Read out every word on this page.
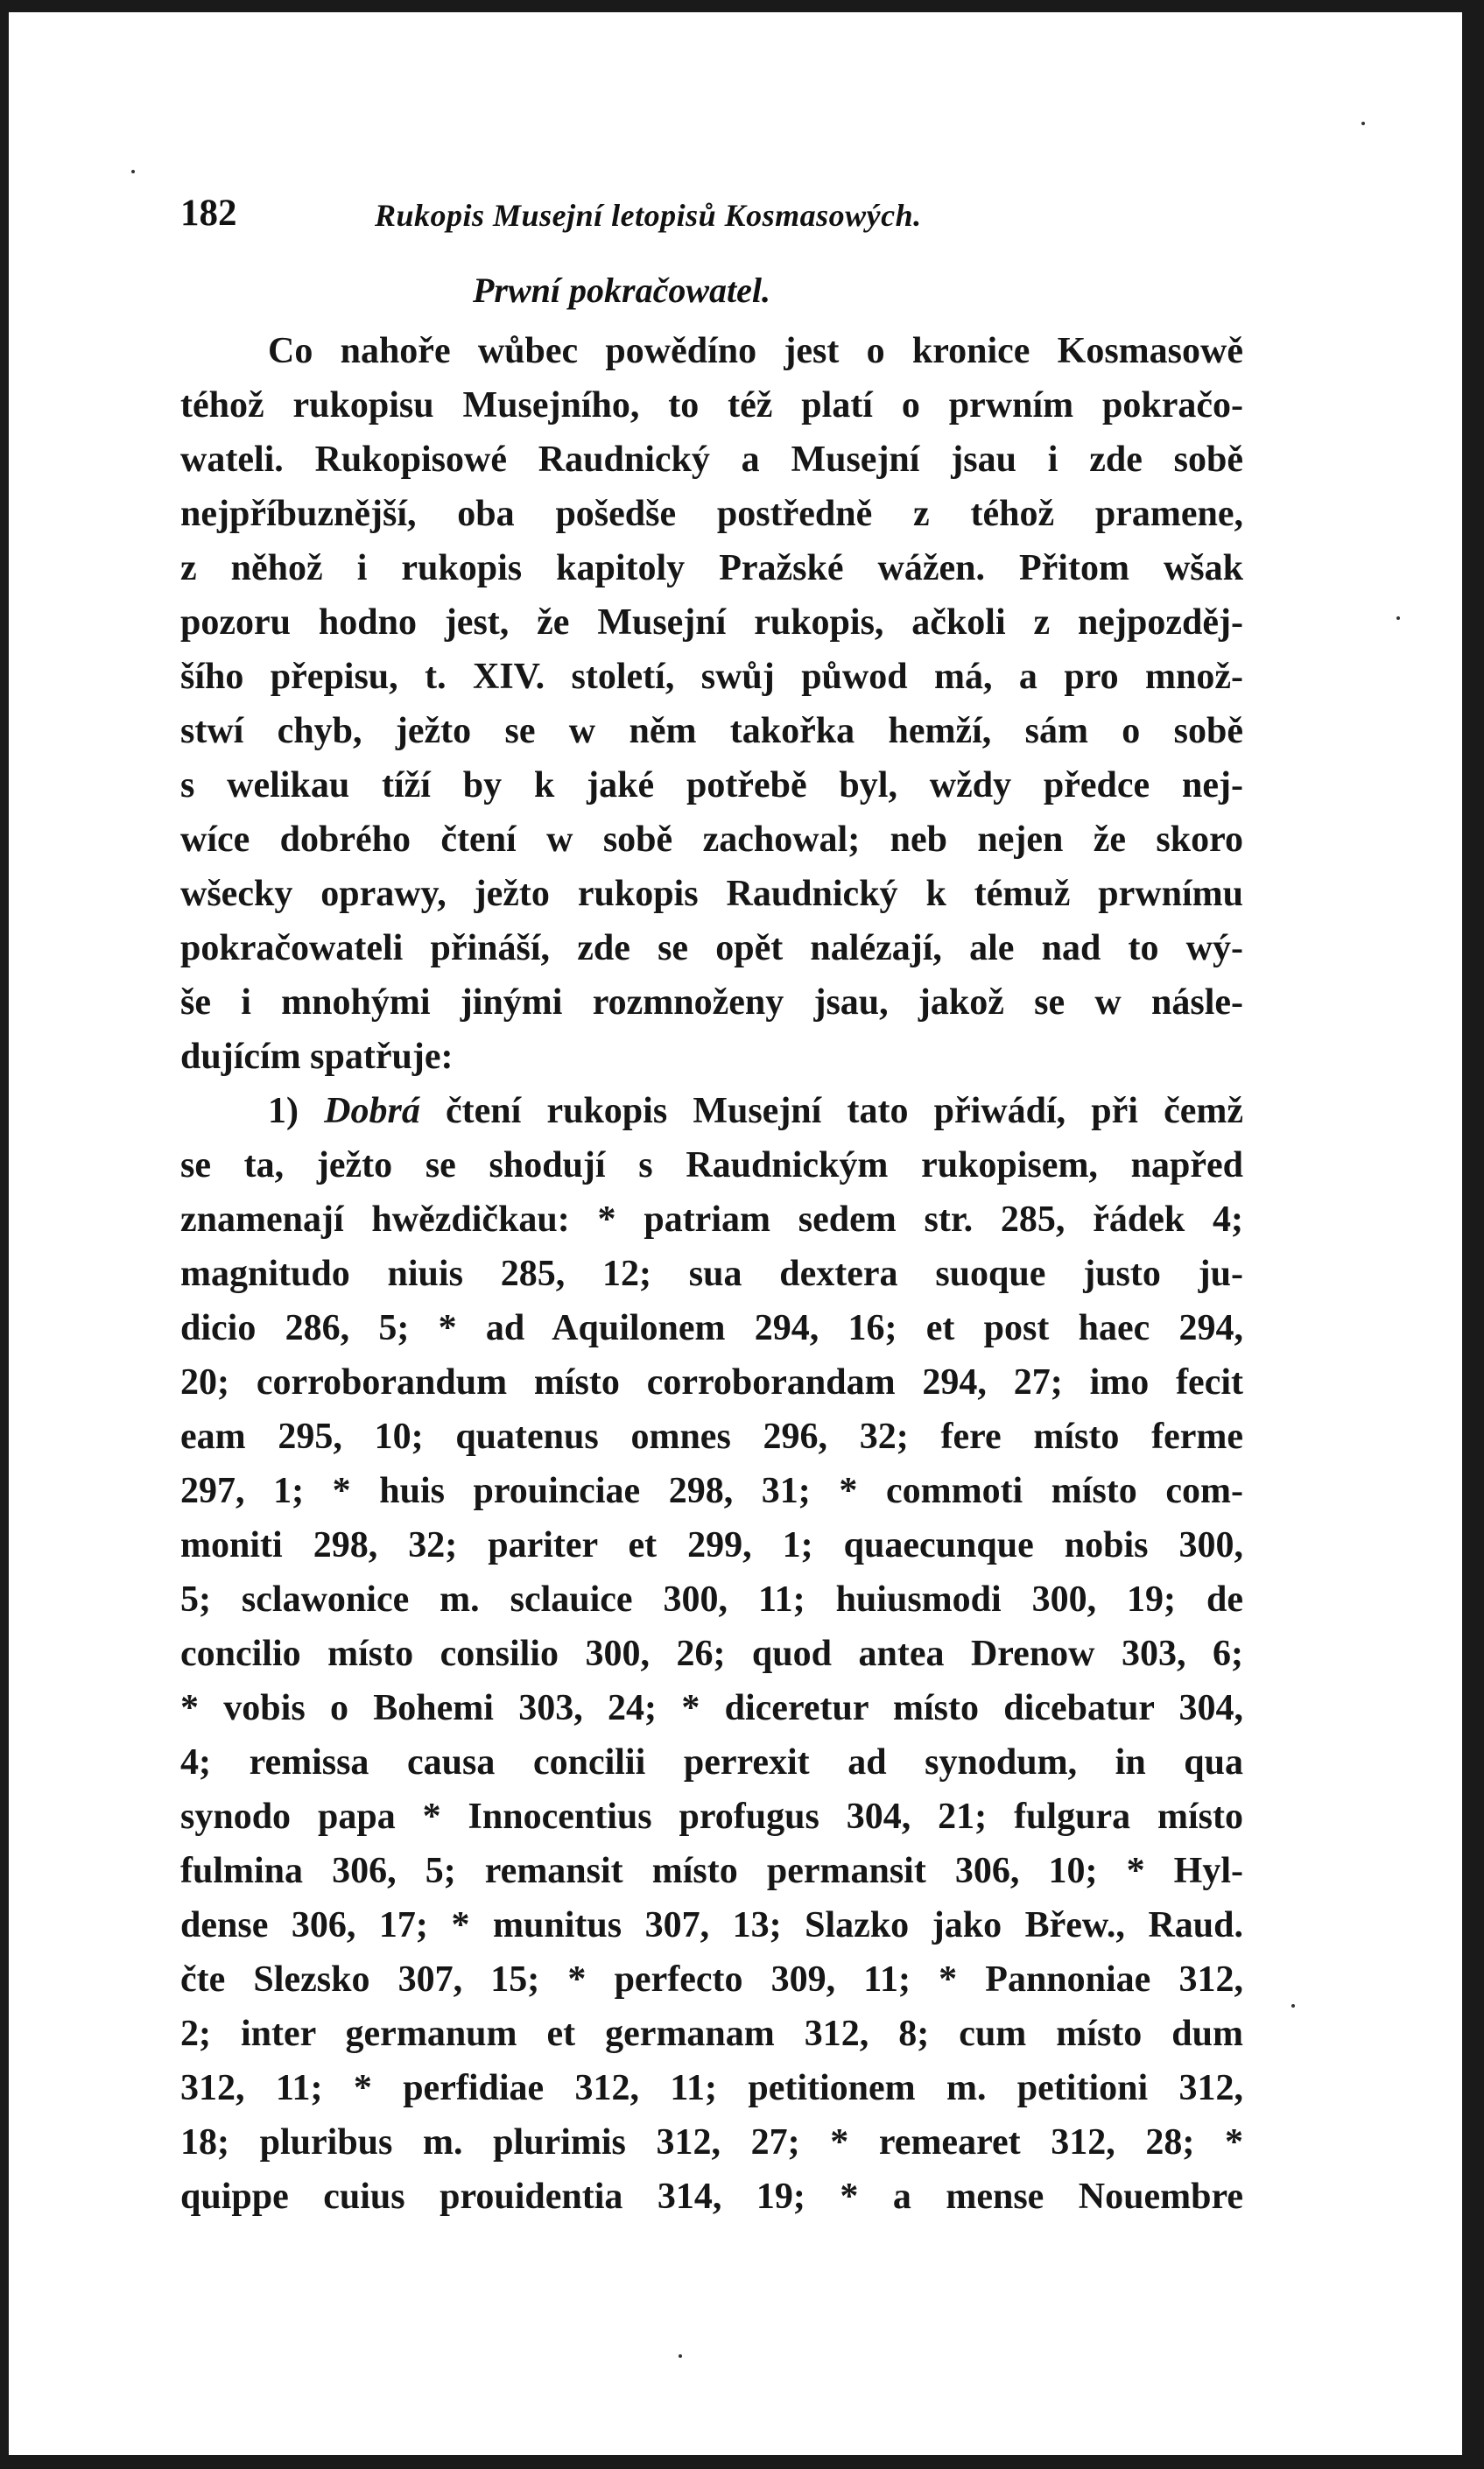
182	Rukopis Musejní letopisů Kosmasowých.
Prwní pokračowatel.
Co nahoře wůbec powědíno jest o kronice Kosmasowě
téhož rukopisu Musejního, to též platí o prwním pokračo-
wateli. Rukopisowé Raudnický a Musejní jsau i zde sobě
nejpříbuznější, oba pošedše postředně z téhož pramene,
z něhož i rukopis kapitoly Pražské wážen. Přitom wšak
pozoru hodno jest, že Musejní rukopis, ačkoli z nejpozděj-
šího přepisu, t. XIV. století, swůj půwod má, a pro množ-
stwí chyb, ježto se w něm takořka hemží, sám o sobě
s welikau tíží by k jaké potřebě byl, wždy předce nej-
wíce dobrého čtení w sobě zachowal; neb nejen že skoro
wšecky oprawy, ježto rukopis Raudnický k témuž prwnímu
pokračowateli přináší, zde se opět nalézají, ale nad to wý-
še i mnohými jinými rozmnoženy jsau, jakož se w násle-
dujícím spatřuje:
1) Dobrá čtení rukopis Musejní tato přiwádí, při čemž
se ta, ježto se shodují s Raudnickým rukopisem, napřed
znamenají hwězdičkau: * patriam sedem str. 285, řádek 4;
magnitudo niuis 285, 12; sua dextera suoque justo ju-
dicio 286, 5; * ad Aquilonem 294, 16; et post haec 294,
20; corroborandum místo corroborandam 294, 27; imo fecit
eam 295, 10; quatenus omnes 296, 32; fere místo ferme
297, 1; * huis prouinciae 298, 31; * commoti místo com-
moniti 298, 32; pariter et 299, 1; quaecunque nobis 300,
5; sclawonice m. sclauice 300, 11; huiusmodi 300, 19; de
concilio místo consilio 300, 26; quod antea Drenow 303, 6;
* vobis o Bohemi 303, 24; * diceretur místo dicebatur 304,
4; remissa causa concilii perrexit ad synodum, in qua
synodo papa * Innocentius profugus 304, 21; fulgura místo
fulmina 306, 5; remansit místo permansit 306, 10; * Hyl-
dense 306, 17; * munitus 307, 13; Slazko jako Břew., Raud.
čte Slezsko 307, 15; * perfecto 309, 11; * Pannoniae 312,
2; inter germanum et germanam 312, 8; cum místo dum
312, 11; * perfidiae 312, 11; petitionem m. petitioni 312,
18; pluribus m. plurimis 312, 27; * remearet 312, 28; *
quippe cuius prouidentia 314, 19; * a mense Nouembre
